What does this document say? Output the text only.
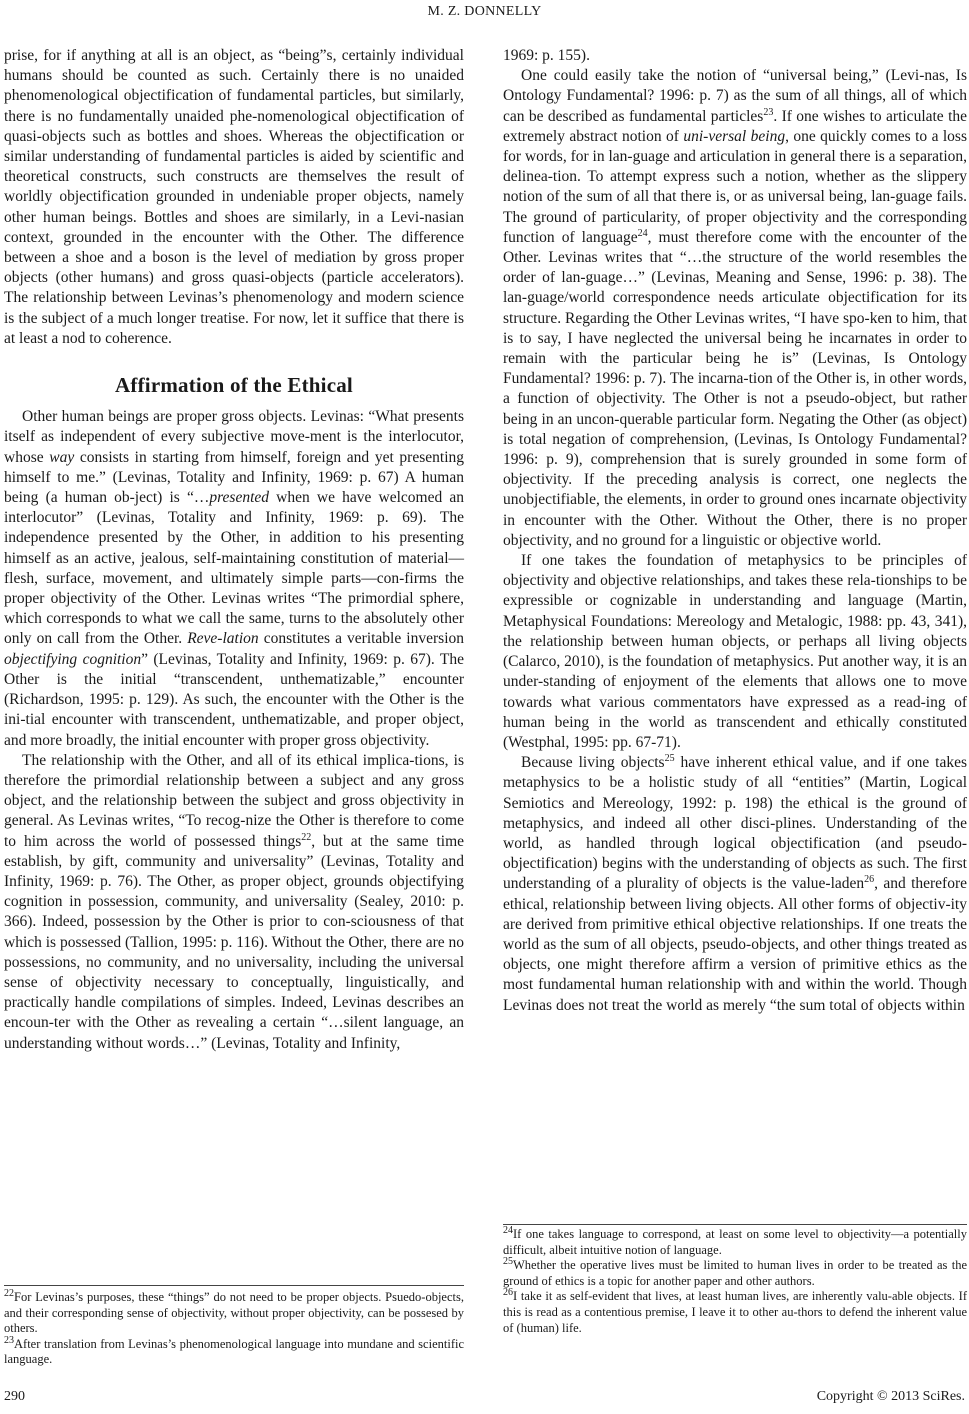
M. Z. DONNELLY

prise, for if anything at all is an object, as “being”s, certainly individual humans should be counted as such. Certainly there is no unaided phenomenological objectification of fundamental particles, but similarly, there is no fundamentally unaided phe-nomenological objectification of quasi-objects such as bottles and shoes. Whereas the objectification or similar understanding of fundamental particles is aided by scientific and theoretical constructs, such constructs are themselves the result of worldly objectification grounded in undeniable proper objects, namely other human beings. Bottles and shoes are similarly, in a Levi-nasian context, grounded in the encounter with the Other. The difference between a shoe and a boson is the level of mediation by gross proper objects (other humans) and gross quasi-objects (particle accelerators). The relationship between Levinas’s phenomenology and modern science is the subject of a much longer treatise. For now, let it suffice that there is at least a nod to coherence.

Affirmation of the Ethical

Other human beings are proper gross objects. Levinas: “What presents itself as independent of every subjective move-ment is the interlocutor, whose way consists in starting from himself, foreign and yet presenting himself to me.” (Levinas, Totality and Infinity, 1969: p. 67) A human being (a human ob-ject) is “…presented when we have welcomed an interlocutor” (Levinas, Totality and Infinity, 1969: p. 69). The independence presented by the Other, in addition to his presenting himself as an active, jealous, self-maintaining constitution of material—flesh, surface, movement, and ultimately simple parts—con-firms the proper objectivity of the Other. Levinas writes “The primordial sphere, which corresponds to what we call the same, turns to the absolutely other only on call from the Other. Reve-lation constitutes a veritable inversion objectifying cognition” (Levinas, Totality and Infinity, 1969: p. 67). The Other is the initial “transcendent, unthematizable,” encounter (Richardson, 1995: p. 129). As such, the encounter with the Other is the ini-tial encounter with transcendent, unthematizable, and proper object, and more broadly, the initial encounter with proper gross objectivity.

The relationship with the Other, and all of its ethical implica-tions, is therefore the primordial relationship between a subject and any gross object, and the relationship between the subject and gross objectivity in general. As Levinas writes, “To recog-nize the Other is therefore to come to him across the world of possessed things$^{22}$, but at the same time establish, by gift, community and universality” (Levinas, Totality and Infinity, 1969: p. 76). The Other, as proper object, grounds objectifying cognition in possession, community, and universality (Sealey, 2010: p. 366). Indeed, possession by the Other is prior to con-sciousness of that which is possessed (Tallion, 1995: p. 116). Without the Other, there are no possessions, no community, and no universality, including the universal sense of objectivity necessary to conceptually, linguistically, and practically handle compilations of simples. Indeed, Levinas describes an encoun-ter with the Other as revealing a certain “…silent language, an understanding without words…” (Levinas, Totality and Infinity,

1969: p. 155).

One could easily take the notion of “universal being,” (Levi-nas, Is Ontology Fundamental? 1996: p. 7) as the sum of all things, all of which can be described as fundamental particles$^{23}$. If one wishes to articulate the extremely abstract notion of uni-versal being, one quickly comes to a loss for words, for in lan-guage and articulation in general there is a separation, delinea-tion. To attempt express such a notion, whether as the slippery notion of the sum of all that there is, or as universal being, lan-guage fails. The ground of particularity, of proper objectivity and the corresponding function of language$^{24}$, must therefore come with the encounter of the Other. Levinas writes that “…the structure of the world resembles the order of lan-guage…” (Levinas, Meaning and Sense, 1996: p. 38). The lan-guage/world correspondence needs articulate objectification for its structure. Regarding the Other Levinas writes, “I have spo-ken to him, that is to say, I have neglected the universal being he incarnates in order to remain with the particular being he is” (Levinas, Is Ontology Fundamental? 1996: p. 7). The incarna-tion of the Other is, in other words, a function of objectivity. The Other is not a pseudo-object, but rather being in an uncon-querable particular form. Negating the Other (as object) is total negation of comprehension, (Levinas, Is Ontology Fundamental? 1996: p. 9), comprehension that is surely grounded in some form of objectivity. If the preceding analysis is correct, one neglects the unobjectifiable, the elements, in order to ground ones incarnate objectivity in encounter with the Other. Without the Other, there is no proper objectivity, and no ground for a linguistic or objective world.

If one takes the foundation of metaphysics to be principles of objectivity and objective relationships, and takes these rela-tionships to be expressible or cognizable in understanding and language (Martin, Metaphysical Foundations: Mereology and Metalogic, 1988: pp. 43, 341), the relationship between human objects, or perhaps all living objects (Calarco, 2010), is the foundation of metaphysics. Put another way, it is an under-standing of enjoyment of the elements that allows one to move towards what various commentators have expressed as a read-ing of human being in the world as transcendent and ethically constituted (Westphal, 1995: pp. 67-71).

Because living objects$^{25}$ have inherent ethical value, and if one takes metaphysics to be a holistic study of all “entities” (Martin, Logical Semiotics and Mereology, 1992: p. 198) the ethical is the ground of metaphysics, and indeed all other disci-plines. Understanding of the world, as handled through logical objectification (and pseudo-objectification) begins with the understanding of objects as such. The first understanding of a plurality of objects is the value-laden$^{26}$, and therefore ethical, relationship between living objects. All other forms of objectiv-ity are derived from primitive ethical objective relationships. If one treats the world as the sum of all objects, pseudo-objects, and other things treated as objects, one might therefore affirm a version of primitive ethics as the most fundamental human relationship with and within the world. Though Levinas does not treat the world as merely “the sum total of objects within

$^{24}$If one takes language to correspond, at least on some level to objectivity—a potentially difficult, albeit intuitive notion of language.

$^{25}$Whether the operative lives must be limited to human lives in order to be treated as the ground of ethics is a topic for another paper and other authors.

$^{26}$I take it as self-evident that lives, at least human lives, are inherently valu-able objects. If this is read as a contentious premise, I leave it to other au-thors to defend the inherent value of (human) life.

$^{22}$For Levinas’s purposes, these “things” do not need to be proper objects. Psuedo-objects, and their corresponding sense of objectivity, without proper objectivity, can be possesed by others.

$^{23}$After translation from Levinas’s phenomenological language into mundane and scientific language.

290	Copyright © 2013 SciRes.
